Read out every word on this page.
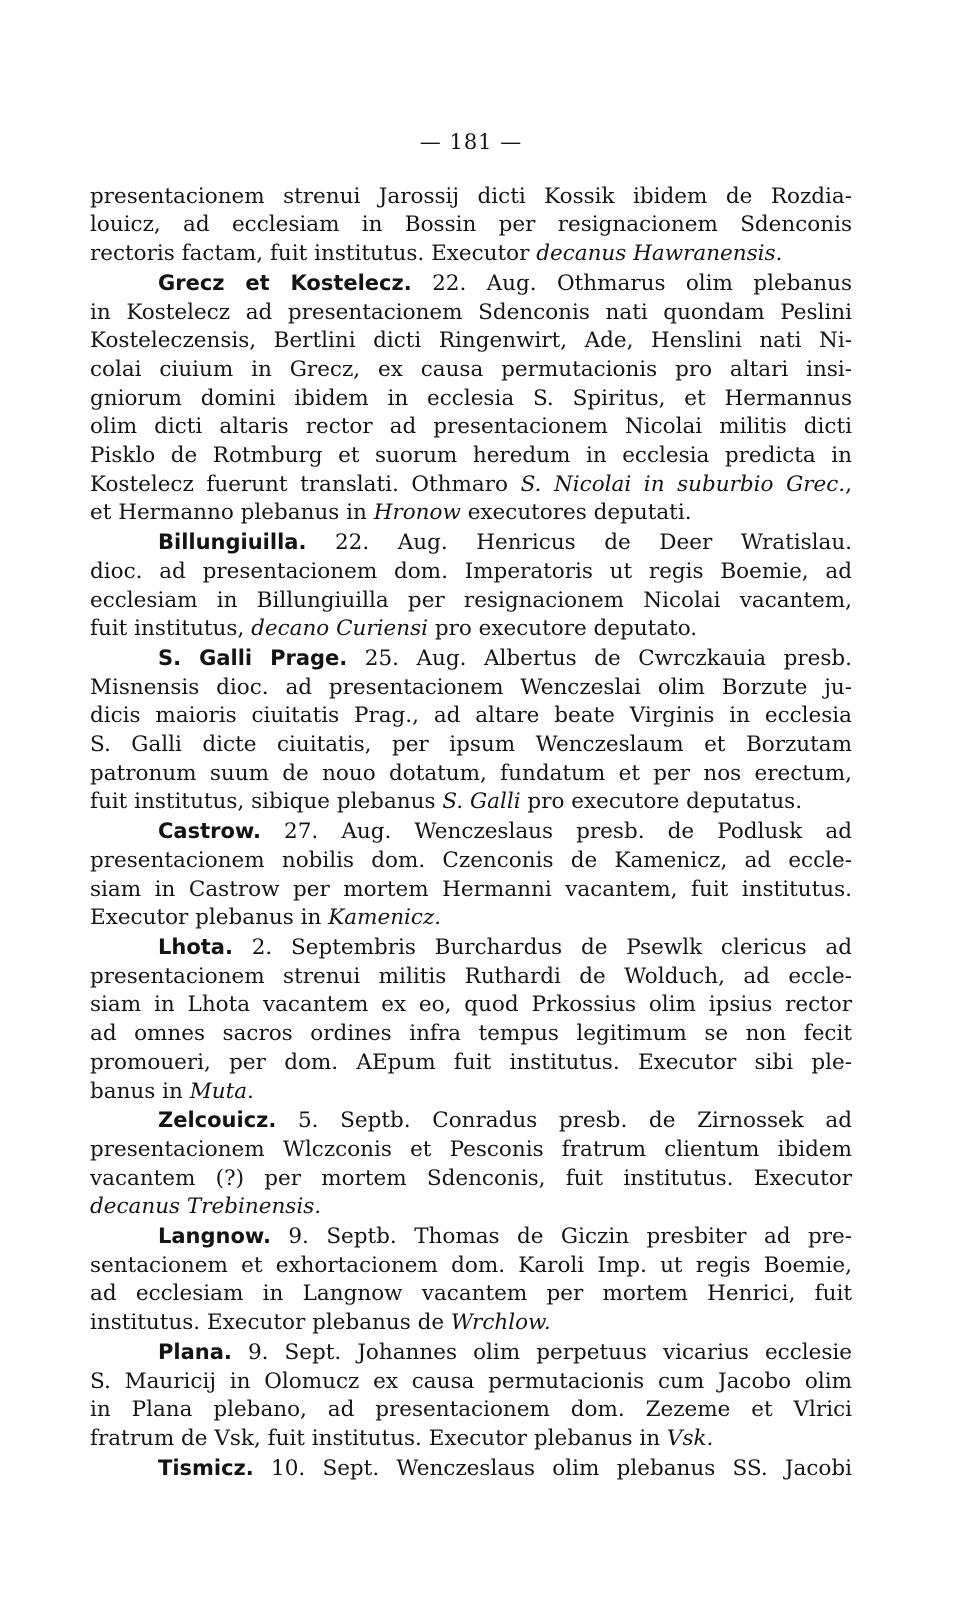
— 181 —
presentacionem strenui Jarossij dicti Kossik ibidem de Rozdia-
louicz, ad ecclesiam in Bossin per resignacionem Sdenconis
rectoris factam, fuit institutus. Executor decanus Hawranensis.
Grecz et Kostelecz. 22. Aug. Othmarus olim plebanus
in Kostelecz ad presentacionem Sdenconis nati quondam Peslini
Kosteleczensis, Bertlini dicti Ringenwirt, Ade, Henslini nati Ni-
colai ciuium in Grecz, ex causa permutacionis pro altari insi-
gniorum domini ibidem in ecclesia S. Spiritus, et Hermannus
olim dicti altaris rector ad presentacionem Nicolai militis dicti
Pisklo de Rotmburg et suorum heredum in ecclesia predicta in
Kostelecz fuerunt translati. Othmaro S. Nicolai in suburbio Grec.,
et Hermanno plebanus in Hronow executores deputati.
Billungiuilla. 22. Aug. Henricus de Deer Wratislau.
dioc. ad presentacionem dom. Imperatoris ut regis Boemie, ad
ecclesiam in Billungiuilla per resignacionem Nicolai vacantem,
fuit institutus, decano Curiensi pro executore deputato.
S. Galli Prage. 25. Aug. Albertus de Cwrczkauia presb.
Misnensis dioc. ad presentacionem Wenczeslai olim Borzute ju-
dicis maioris ciuitatis Prag., ad altare beate Virginis in ecclesia
S. Galli dicte ciuitatis, per ipsum Wenczeslaum et Borzutam
patronum suum de nouo dotatum, fundatum et per nos erectum,
fuit institutus, sibique plebanus S. Galli pro executore deputatus.
Castrow. 27. Aug. Wenczeslaus presb. de Podlusk ad
presentacionem nobilis dom. Czenconis de Kamenicz, ad eccle-
siam in Castrow per mortem Hermanni vacantem, fuit institutus.
Executor plebanus in Kamenicz.
Lhota. 2. Septembris Burchardus de Psewlk clericus ad
presentacionem strenui militis Ruthardi de Wolduch, ad eccle-
siam in Lhota vacantem ex eo, quod Prkossius olim ipsius rector
ad omnes sacros ordines infra tempus legitimum se non fecit
promoueri, per dom. AEpum fuit institutus. Executor sibi ple-
banus in Muta.
Zelcouicz. 5. Septb. Conradus presb. de Zirnossek ad
presentacionem Wlczconis et Pesconis fratrum clientum ibidem
vacantem (?) per mortem Sdenconis, fuit institutus. Executor
decanus Trebinensis.
Langnow. 9. Septb. Thomas de Giczin presbiter ad pre-
sentacionem et exhortacionem dom. Karoli Imp. ut regis Boemie,
ad ecclesiam in Langnow vacantem per mortem Henrici, fuit
institutus. Executor plebanus de Wrchlow.
Plana. 9. Sept. Johannes olim perpetuus vicarius ecclesie
S. Mauricij in Olomucz ex causa permutacionis cum Jacobo olim
in Plana plebano, ad presentacionem dom. Zezeme et Vlrici
fratrum de Vsk, fuit institutus. Executor plebanus in Vsk.
Tismicz. 10. Sept. Wenczeslaus olim plebanus SS. Jacobi
